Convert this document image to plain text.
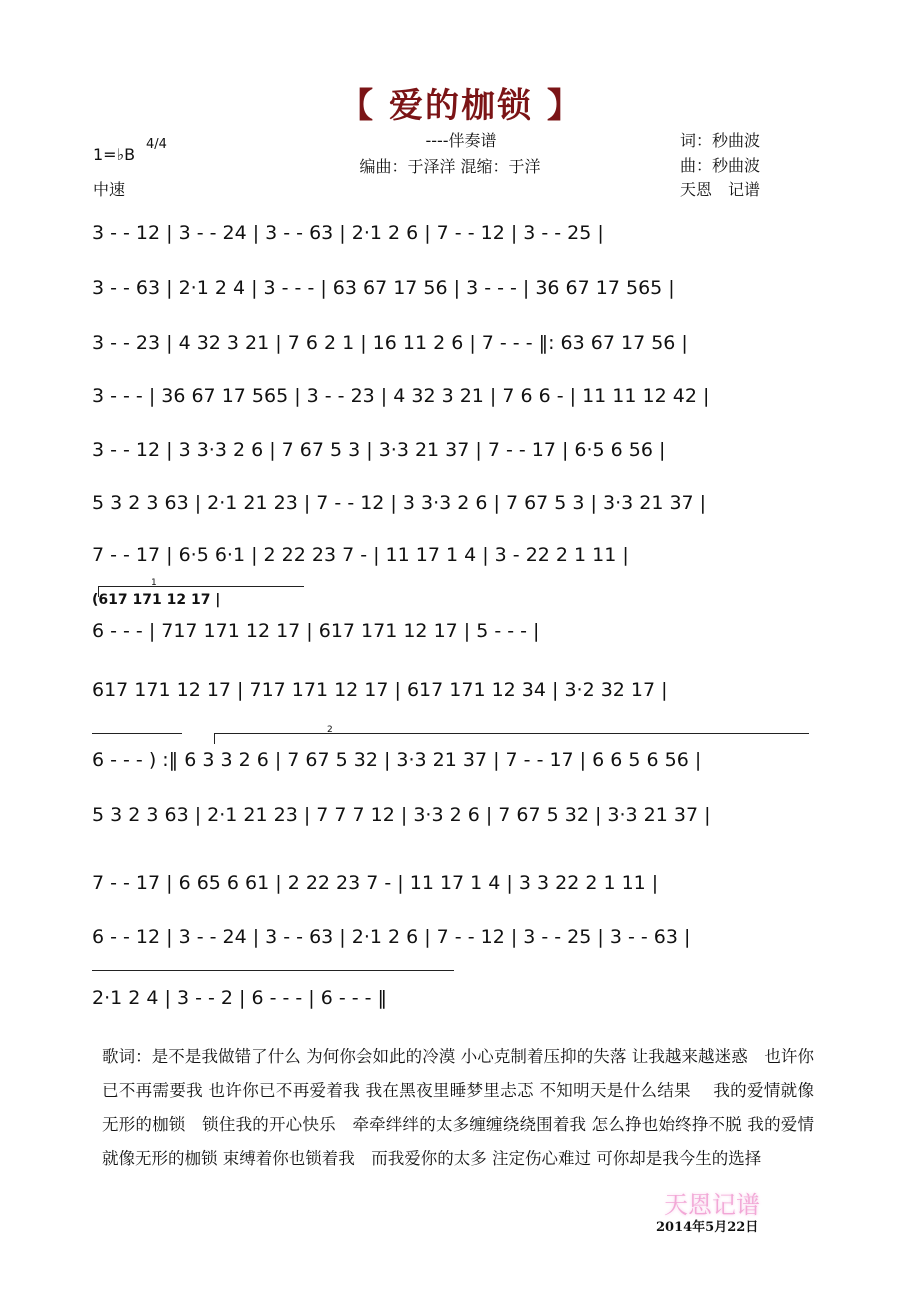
【 爱的枷锁 】
----伴奏谱
编曲：于泽洋 混缩：于洋
1=♭B
4/4
中速
词：秒曲波
曲：秒曲波
天恩　记谱
3 - - 12 | 3 - - 24 | 3 - - 63 | 2·1 2 6 | 7 - - 12 | 3 - - 25 |
3 - - 63 | 2·1 2 4 | 3 - - - | 63 67 17 56 | 3 - - - | 36 67 17 565 |
3 - - 23 | 4 32 3 21 | 7 6 2 1 | 16 11 2 6 | 7 - - - ‖: 63 67 17 56 |
3 - - - | 36 67 17 565 | 3 - - 23 | 4 32 3 21 | 7 6 6 - | 11 11 12 42 |
3 - - 12 | 3 3·3 2 6 | 7 67 5 3 | 3·3 21 37 | 7 - - 17 | 6·5 6 56 |
5 3 2 3 63 | 2·1 21 23 | 7 - - 12 | 3 3·3 2 6 | 7 67 5 3 | 3·3 21 37 |
7 - - 17 | 6·5 6·1 | 2 22 23 7 - | 11 17 1 4 | 3 - 22 2 1 11 |
(617 171 12 17 |
6 - - - | 717 171 12 17 | 617 171 12 17 | 5 - - - |
617 171 12 17 | 717 171 12 17 | 617 171 12 34 | 3·2 32 17 |
6 - - - ) :‖ 6 3 3 2 6 | 7 67 5 32 | 3·3 21 37 | 7 - - 17 | 6 6 5 6 56 |
5 3 2 3 63 | 2·1 21 23 | 7 7 7 12 | 3·3 2 6 | 7 67 5 32 | 3·3 21 37 |
7 - - 17 | 6 65 6 61 | 2 22 23 7 - | 11 17 1 4 | 3 3 22 2 1 11 |
6 - - 12 | 3 - - 24 | 3 - - 63 | 2·1 2 6 | 7 - - 12 | 3 - - 25 | 3 - - 63 |
2·1 2 4 | 3 - - 2 | 6 - - - | 6 - - - ‖
1
2
歌词：是不是我做错了什么 为何你会如此的冷漠 小心克制着压抑的失落 让我越来越迷惑　也许你已不再需要我 也许你已不再爱着我 我在黑夜里睡梦里忐忑 不知明天是什么结果　 我的爱情就像无形的枷锁　锁住我的开心快乐　牵牵绊绊的太多缠缠绕绕围着我 怎么挣也始终挣不脱 我的爱情就像无形的枷锁 束缚着你也锁着我　而我爱你的太多 注定伤心难过 可你却是我今生的选择
天恩记谱
2014年5月22日
